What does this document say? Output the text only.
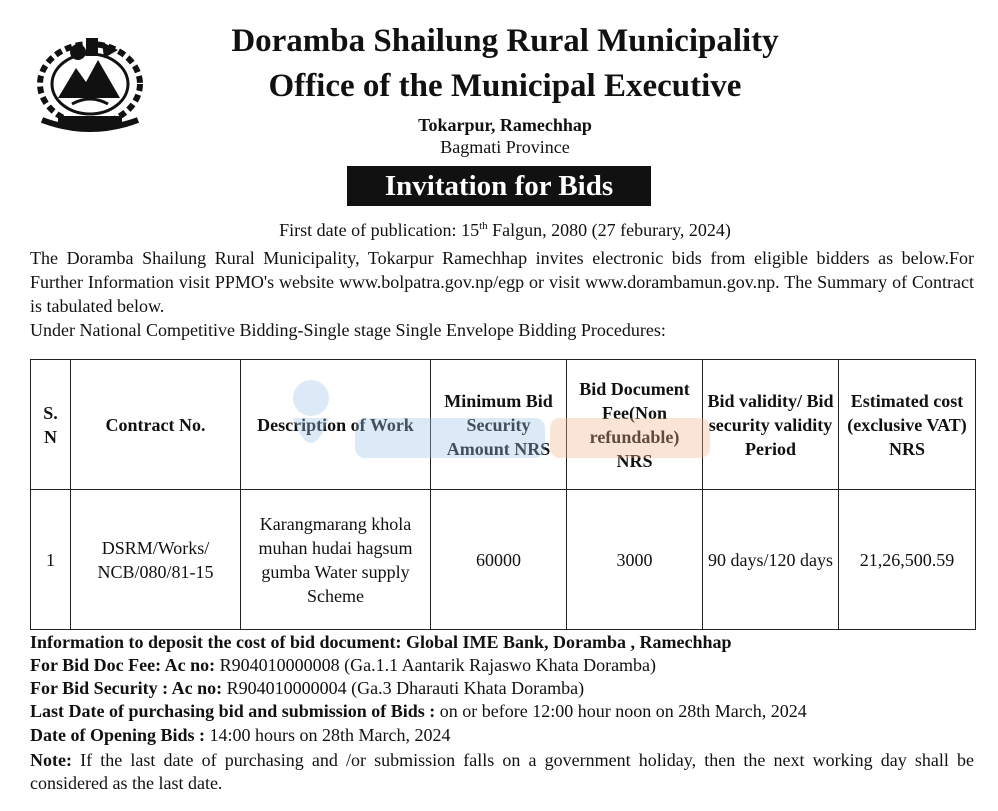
Doramba Shailung Rural Municipality
Office of the Municipal Executive
Tokarpur, Ramechhap
Bagmati Province
Invitation for Bids
First date of publication: 15th Falgun, 2080 (27 feburary, 2024)

The Doramba Shailung Rural Municipality, Tokarpur Ramechhap invites electronic bids from eligible bidders as below.For Further Information visit PPMO's website www.bolpatra.gov.np/egp or visit www.dorambamun.gov.np. The Summary of Contract is tabulated below.

Under National Competitive Bidding-Single stage Single Envelope Bidding Procedures:

S. N	Contract No.	Description of Work	Minimum Bid Security Amount NRS	Bid Document Fee(Non refundable) NRS	Bid validity/ Bid security validity Period	Estimated cost (exclusive VAT) NRS
1	DSRM/Works/ NCB/080/81-15	Karangmarang khola muhan hudai hagsum gumba Water supply Scheme	60000	3000	90 days/120 days	21,26,500.59

Information to deposit the cost of bid document: Global IME Bank, Doramba , Ramechhap

For Bid Doc Fee: Ac no: R904010000008 (Ga.1.1 Aantarik Rajaswo Khata Doramba)

For Bid Security : Ac no: R904010000004 (Ga.3 Dharauti Khata Doramba)

Last Date of purchasing bid and submission of Bids : on or before 12:00 hour noon on 28th March, 2024

Date of Opening Bids : 14:00 hours on 28th March, 2024

Note: If the last date of purchasing and /or submission falls on a government holiday, then the next working day shall be considered as the last date.
